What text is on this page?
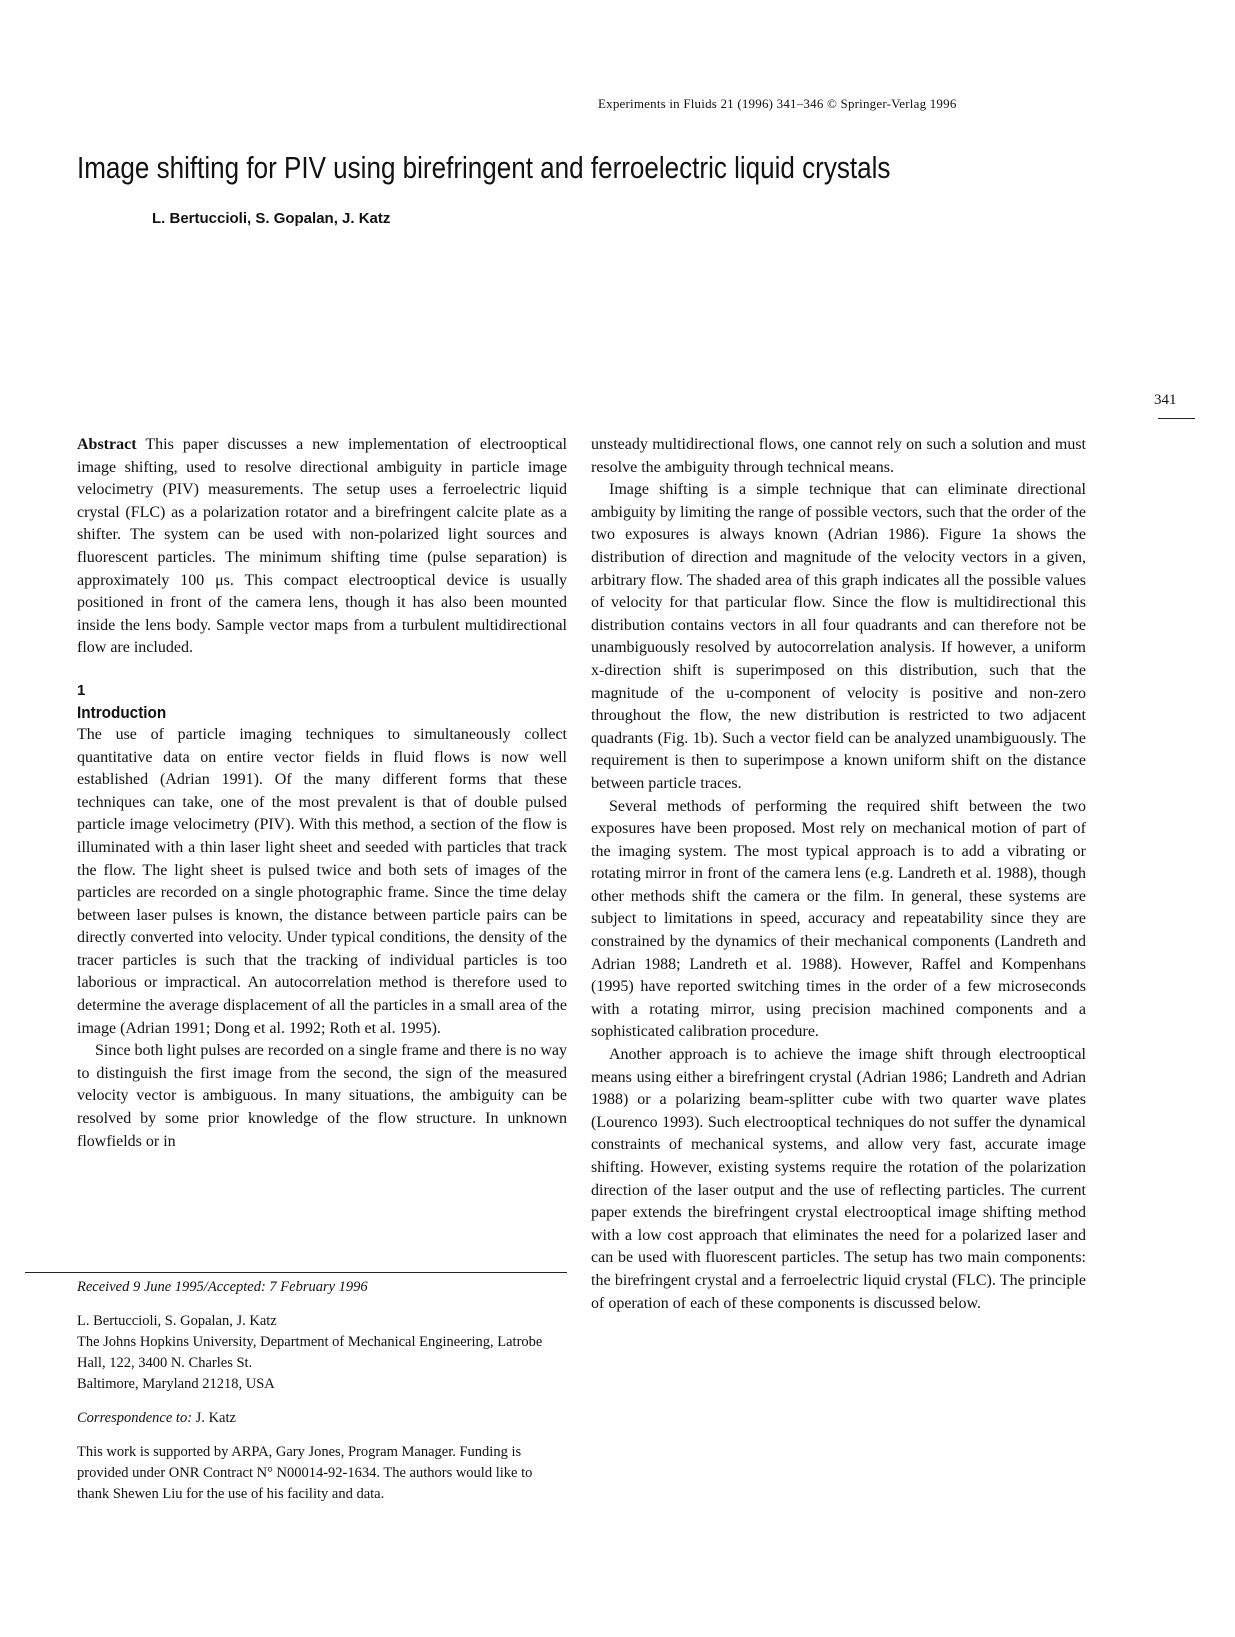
Experiments in Fluids 21 (1996) 341–346 © Springer-Verlag 1996
Image shifting for PIV using birefringent and ferroelectric liquid crystals
L. Bertuccioli, S. Gopalan, J. Katz
341

Abstract This paper discusses a new implementation of electrooptical image shifting, used to resolve directional ambiguity in particle image velocimetry (PIV) measurements. The setup uses a ferroelectric liquid crystal (FLC) as a polarization rotator and a birefringent calcite plate as a shifter. The system can be used with non-polarized light sources and fluorescent particles. The minimum shifting time (pulse separation) is approximately 100 μs. This compact electrooptical device is usually positioned in front of the camera lens, though it has also been mounted inside the lens body. Sample vector maps from a turbulent multidirectional flow are included.

1
Introduction

The use of particle imaging techniques to simultaneously collect quantitative data on entire vector fields in fluid flows is now well established (Adrian 1991). Of the many different forms that these techniques can take, one of the most prevalent is that of double pulsed particle image velocimetry (PIV). With this method, a section of the flow is illuminated with a thin laser light sheet and seeded with particles that track the flow. The light sheet is pulsed twice and both sets of images of the particles are recorded on a single photographic frame. Since the time delay between laser pulses is known, the distance between particle pairs can be directly converted into velocity. Under typical conditions, the density of the tracer particles is such that the tracking of individual particles is too laborious or impractical. An autocorrelation method is therefore used to determine the average displacement of all the particles in a small area of the image (Adrian 1991; Dong et al. 1992; Roth et al. 1995).

Since both light pulses are recorded on a single frame and there is no way to distinguish the first image from the second, the sign of the measured velocity vector is ambiguous. In many situations, the ambiguity can be resolved by some prior knowledge of the flow structure. In unknown flowfields or in

unsteady multidirectional flows, one cannot rely on such a solution and must resolve the ambiguity through technical means.

Image shifting is a simple technique that can eliminate directional ambiguity by limiting the range of possible vectors, such that the order of the two exposures is always known (Adrian 1986). Figure 1a shows the distribution of direction and magnitude of the velocity vectors in a given, arbitrary flow. The shaded area of this graph indicates all the possible values of velocity for that particular flow. Since the flow is multidirectional this distribution contains vectors in all four quadrants and can therefore not be unambiguously resolved by autocorrelation analysis. If however, a uniform x-direction shift is superimposed on this distribution, such that the magnitude of the u-component of velocity is positive and non-zero throughout the flow, the new distribution is restricted to two adjacent quadrants (Fig. 1b). Such a vector field can be analyzed unambiguously. The requirement is then to superimpose a known uniform shift on the distance between particle traces.

Several methods of performing the required shift between the two exposures have been proposed. Most rely on mechanical motion of part of the imaging system. The most typical approach is to add a vibrating or rotating mirror in front of the camera lens (e.g. Landreth et al. 1988), though other methods shift the camera or the film. In general, these systems are subject to limitations in speed, accuracy and repeatability since they are constrained by the dynamics of their mechanical components (Landreth and Adrian 1988; Landreth et al. 1988). However, Raffel and Kompenhans (1995) have reported switching times in the order of a few microseconds with a rotating mirror, using precision machined components and a sophisticated calibration procedure.

Another approach is to achieve the image shift through electrooptical means using either a birefringent crystal (Adrian 1986; Landreth and Adrian 1988) or a polarizing beam-splitter cube with two quarter wave plates (Lourenco 1993). Such electrooptical techniques do not suffer the dynamical constraints of mechanical systems, and allow very fast, accurate image shifting. However, existing systems require the rotation of the polarization direction of the laser output and the use of reflecting particles. The current paper extends the birefringent crystal electrooptical image shifting method with a low cost approach that eliminates the need for a polarized laser and can be used with fluorescent particles. The setup has two main components: the birefringent crystal and a ferroelectric liquid crystal (FLC). The principle of operation of each of these components is discussed below.

Received 9 June 1995/Accepted: 7 February 1996

L. Bertuccioli, S. Gopalan, J. Katz

The Johns Hopkins University, Department of Mechanical Engineering, Latrobe Hall, 122, 3400 N. Charles St.

Baltimore, Maryland 21218, USA

Correspondence to: J. Katz

This work is supported by ARPA, Gary Jones, Program Manager. Funding is provided under ONR Contract N° N00014-92-1634. The authors would like to thank Shewen Liu for the use of his facility and data.
